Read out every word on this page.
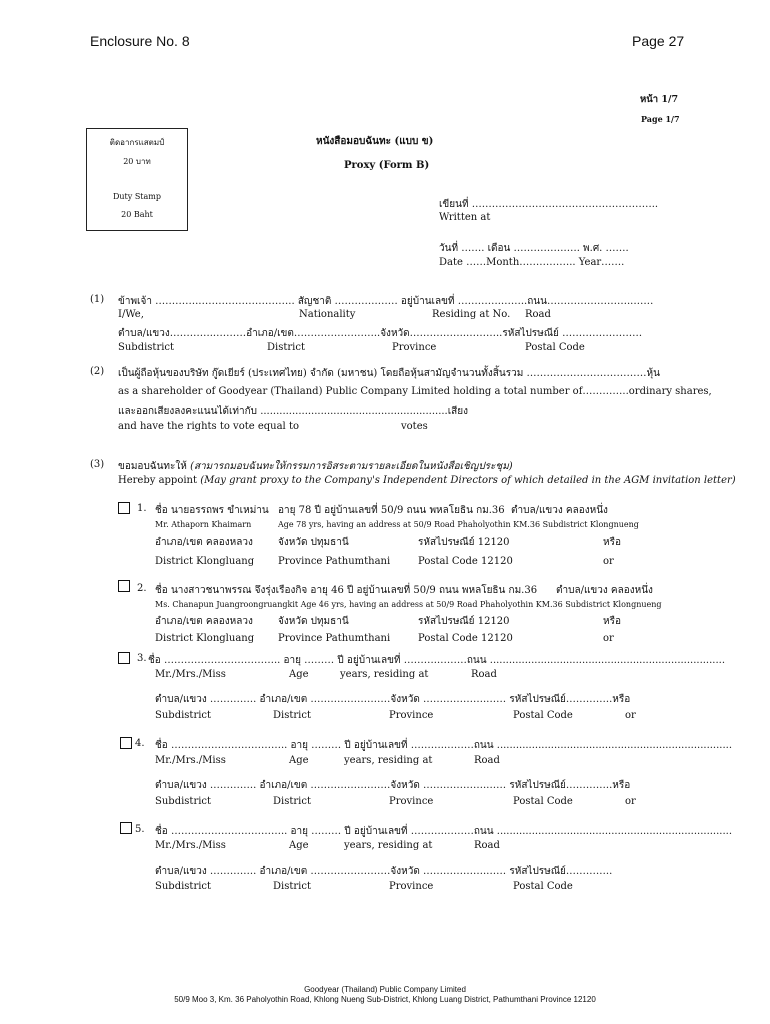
Enclosure No. 8	Page 27
หน้า 1/7
Page 1/7
ติดอากรแสตมป์
20 บาท
Duty Stamp
20 Baht
หนังสือมอบฉันทะ (แบบ ข)
Proxy (Form B)
เขียนที่ ………………………………………………..
Written at
วันที่ ……. เดือน …………….…. พ.ศ. …….
Date ……Month…………….. Year…….
(1) ข้าพเจ้า ………….……………………….. สัญชาติ ………….…… อยู่บ้านเลขที่ ………….……..ถนน……………………..……
I/We,	Nationality	Residing at No. Road
ตำบล/แขวง…………..………อำเภอ/เขต……………………..จังหวัด……………..………..รหัสไปรษณีย์ ……………………
Subdistrict	District	Province	Postal Code
(2) เป็นผู้ถือหุ้นของบริษัท กู๊ดเยียร์ (ประเทศไทย) จำกัด (มหาชน) โดยถือหุ้นสามัญจำนวนทั้งสิ้นรวม ………………………………หุ้น
as a shareholder of Goodyear (Thailand) Public Company Limited holding a total number of…………..ordinary shares,
และออกเสียงลงคะแนนได้เท่ากับ ...........................................................เสียง
and have the rights to vote equal to	votes
(3) ขอมอบฉันทะให้ (สามารถมอบฉันทะให้กรรมการอิสระตามรายละเอียดในหนังสือเชิญประชุม)
Hereby appoint (May grant proxy to the Company's Independent Directors of which detailed in the AGM invitation letter)
1. ชื่อ นายอรรถพร ขำเหม่าน อายุ 78 ปี อยู่บ้านเลขที่ 50/9 ถนน พหลโยธิน กม.36 ตำบล/แขวง คลองหนึ่ง
Mr. Athaporn Khaimarn	Age 78 yrs, having an address at 50/9 Road Phaholyothin KM.36 Subdistrict Klongnueng
อำเภอ/เขต คลองหลวง	จังหวัด ปทุมธานี	รหัสไปรษณีย์ 12120	หรือ
District Klongluang Province Pathumthani	Postal Code 12120	or
2. ชื่อ นางสาวชนาพรรณ จึงรุ่งเรืองกิจ อายุ 46 ปี อยู่บ้านเลขที่ 50/9 ถนน พหลโยธิน กม.36 ตำบล/แขวง คลองหนึ่ง
Ms. Chanapun Juangroongruangkit Age 46 yrs, having an address at 50/9 Road Phaholyothin KM.36 Subdistrict Klongnueng
อำเภอ/เขต คลองหลวง	จังหวัด ปทุมธานี	รหัสไปรษณีย์ 12120	หรือ
District Klongluang Province Pathumthani	Postal Code 12120	or
3. ชื่อ …………………………….. อายุ ……… ปี อยู่บ้านเลขที่ ……….………ถนน ..........................................................................
Mr./Mrs./Miss	Age	years, residing at	Road
ตำบล/แขวง ………….. อำเภอ/เขต ……………………จังหวัด ……………….…… รหัสไปรษณีย์…………..หรือ
Subdistrict	District	Province	Postal Code	or
4. ชื่อ …………………………….. อายุ ……… ปี อยู่บ้านเลขที่ ……….………ถนน ..........................................................................
Mr./Mrs./Miss	Age	years, residing at	Road
ตำบล/แขวง ………….. อำเภอ/เขต ……………………จังหวัด ……………….…… รหัสไปรษณีย์…………..หรือ
Subdistrict	District	Province	Postal Code	or
5. ชื่อ …………………………….. อายุ ……… ปี อยู่บ้านเลขที่ ……….………ถนน ..........................................................................
Mr./Mrs./Miss	Age	years, residing at	Road
ตำบล/แขวง ………….. อำเภอ/เขต ……………………จังหวัด ……………….…… รหัสไปรษณีย์…………..
Subdistrict	District	Province	Postal Code
Goodyear (Thailand) Public Company Limited
50/9 Moo 3, Km. 36 Paholyothin Road, Khlong Nueng Sub-District, Khlong Luang District, Pathumthani Province 12120
